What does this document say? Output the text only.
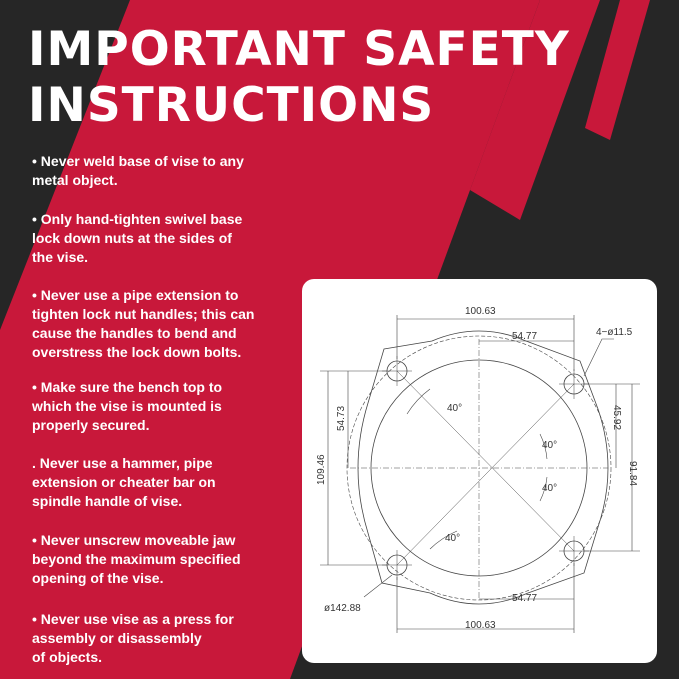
IMPORTANT SAFETY
INSTRUCTIONS
• Never weld base of vise to any
metal object.
• Only hand-tighten swivel base
lock down nuts at the sides of
the vise.
• Never use a pipe extension to
tighten lock nut handles; this can
cause the handles to bend and
overstress the lock down bolts.
• Make sure the bench top to
which the vise is mounted is
properly secured.
. Never use a hammer, pipe
extension or cheater bar on
spindle handle of vise.
• Never unscrew moveable jaw
beyond the maximum specified
opening of the vise.
• Never use vise as a press for
assembly or disassembly
of objects.
100.63
54.77	4−ø11.5
54.73
109.46
45.92
91.84
40°
40°
40°
40°
ø142.88
54.77
100.63
